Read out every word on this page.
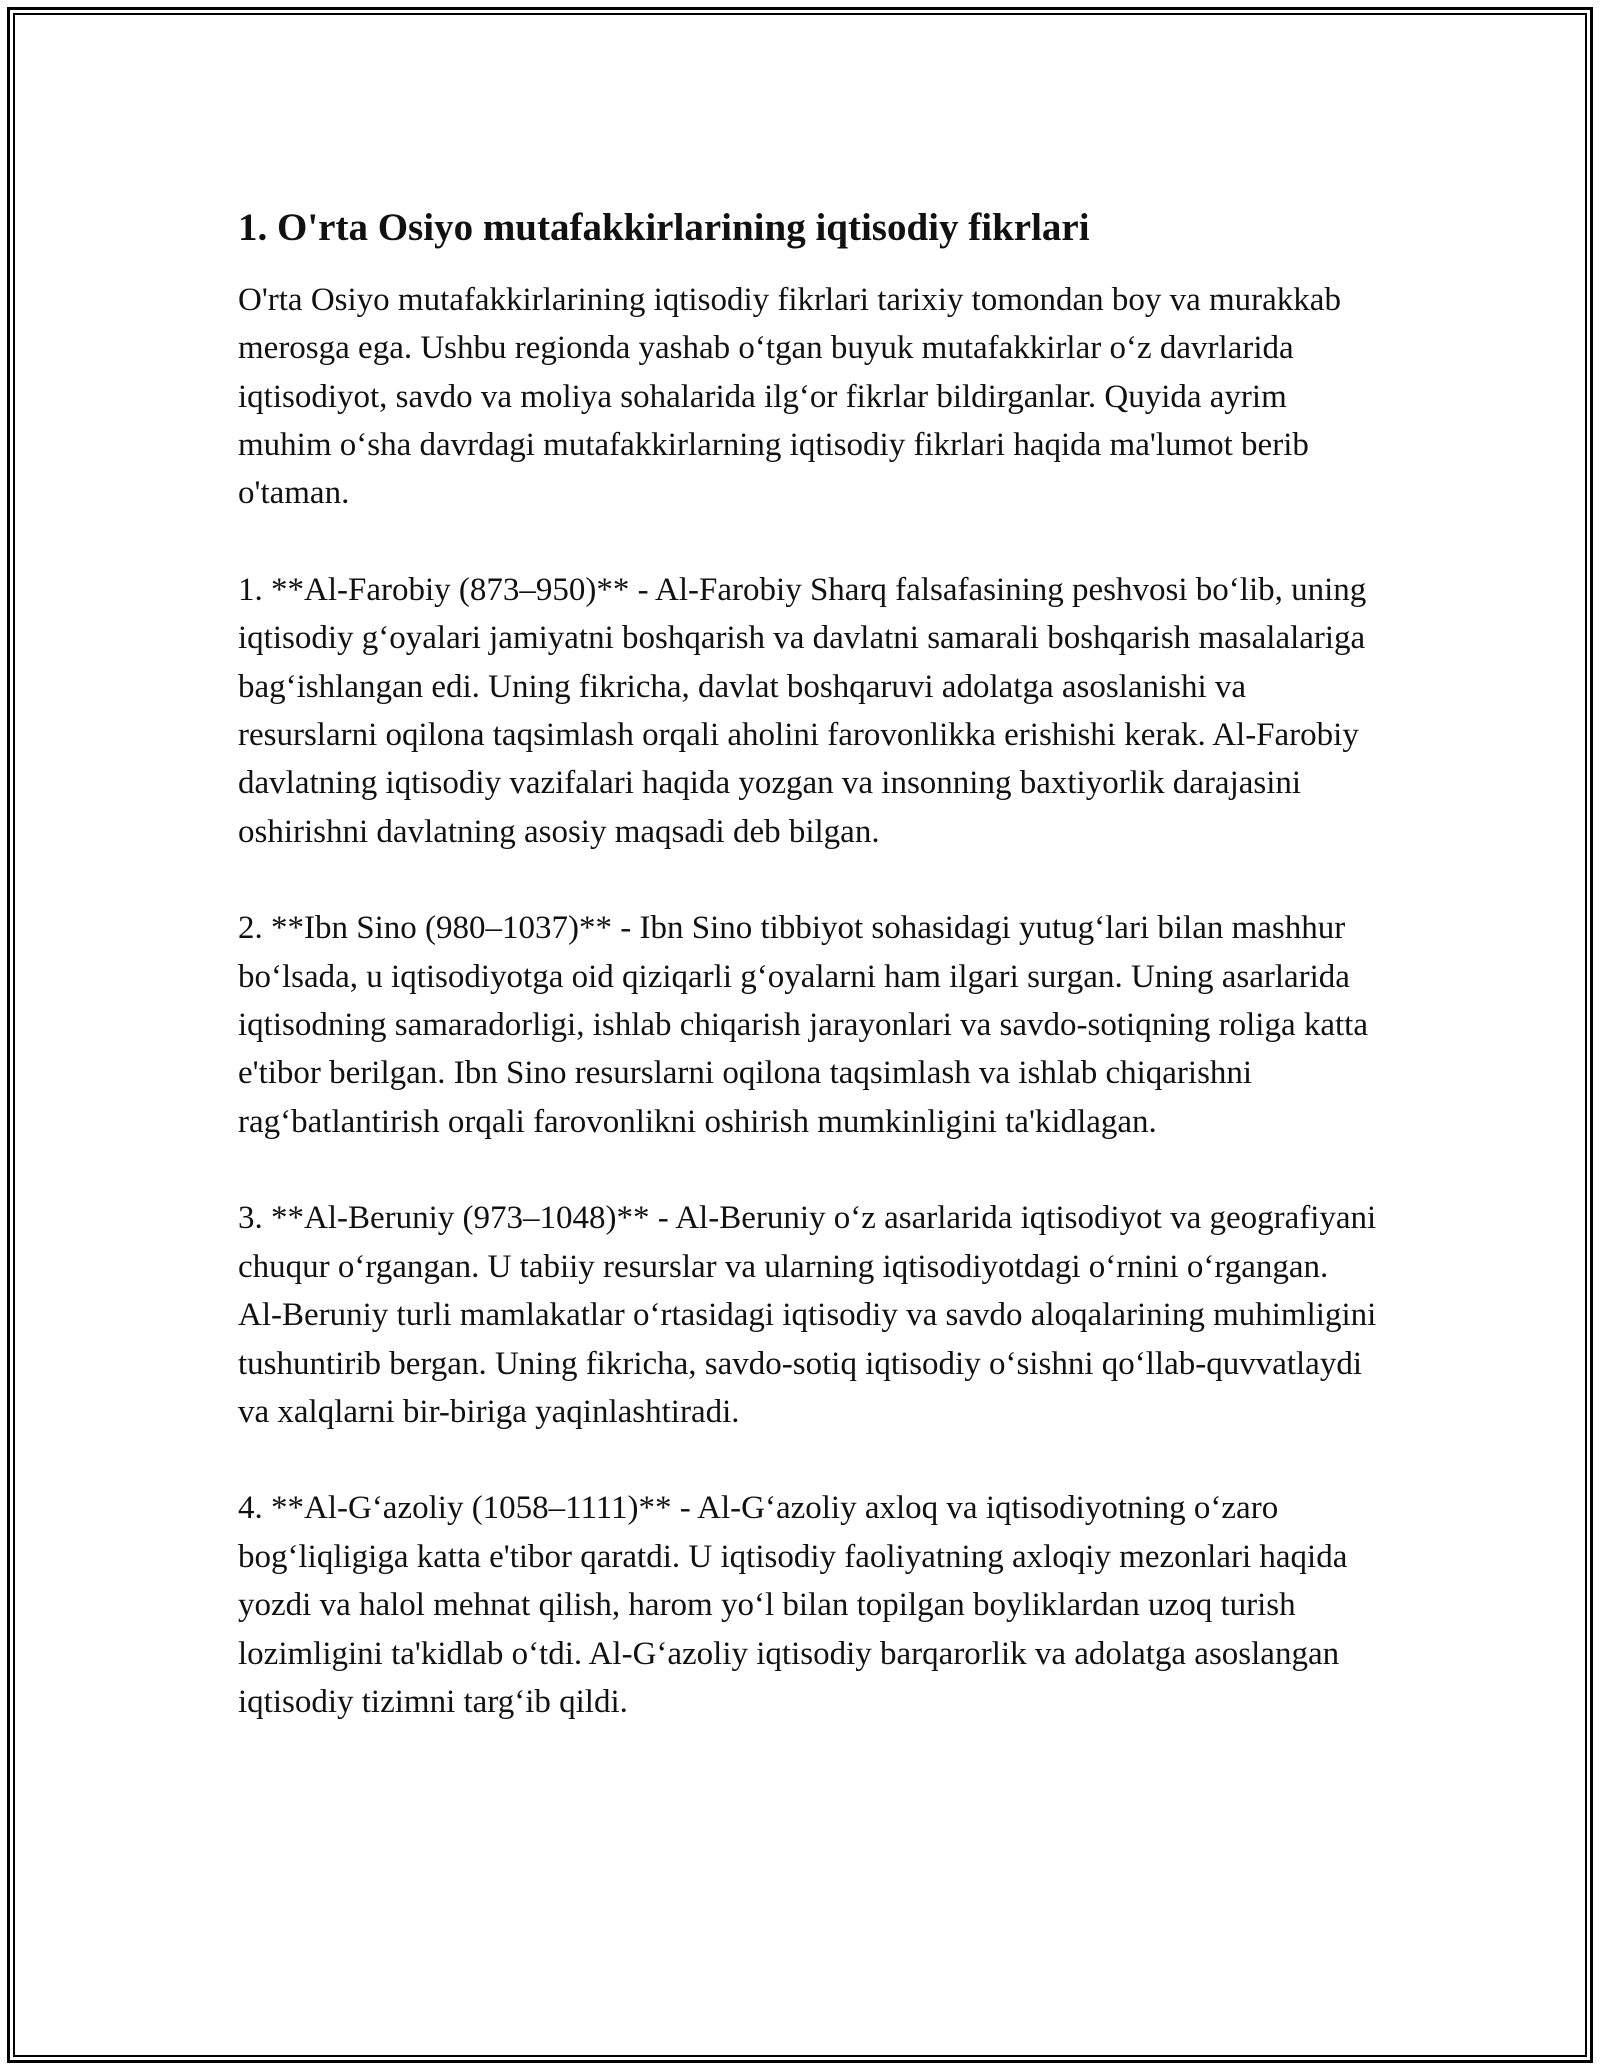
1. O'rta Osiyo mutafakkirlarining iqtisodiy fikrlari

O'rta Osiyo mutafakkirlarining iqtisodiy fikrlari tarixiy tomondan boy va murakkab merosga ega. Ushbu regionda yashab o‘tgan buyuk mutafakkirlar o‘z davrlarida iqtisodiyot, savdo va moliya sohalarida ilg‘or fikrlar bildirganlar. Quyida ayrim muhim o‘sha davrdagi mutafakkirlarning iqtisodiy fikrlari haqida ma'lumot berib o'taman.

1. **Al-Farobiy (873–950)** - Al-Farobiy Sharq falsafasining peshvosi bo‘lib, uning iqtisodiy g‘oyalari jamiyatni boshqarish va davlatni samarali boshqarish masalalariga bag‘ishlangan edi. Uning fikricha, davlat boshqaruvi adolatga asoslanishi va resurslarni oqilona taqsimlash orqali aholini farovonlikka erishishi kerak. Al-Farobiy davlatning iqtisodiy vazifalari haqida yozgan va insonning baxtiyorlik darajasini oshirishni davlatning asosiy maqsadi deb bilgan.

2. **Ibn Sino (980–1037)** - Ibn Sino tibbiyot sohasidagi yutug‘lari bilan mashhur bo‘lsada, u iqtisodiyotga oid qiziqarli g‘oyalarni ham ilgari surgan. Uning asarlarida iqtisodning samaradorligi, ishlab chiqarish jarayonlari va savdo-sotiqning roliga katta e'tibor berilgan. Ibn Sino resurslarni oqilona taqsimlash va ishlab chiqarishni rag‘batlantirish orqali farovonlikni oshirish mumkinligini ta'kidlagan.

3. **Al-Beruniy (973–1048)** - Al-Beruniy o‘z asarlarida iqtisodiyot va geografiyani chuqur o‘rgangan. U tabiiy resurslar va ularning iqtisodiyotdagi o‘rnini o‘rgangan. Al-Beruniy turli mamlakatlar o‘rtasidagi iqtisodiy va savdo aloqalarining muhimligini tushuntirib bergan. Uning fikricha, savdo-sotiq iqtisodiy o‘sishni qo‘llab-quvvatlaydi va xalqlarni bir-biriga yaqinlashtiradi.

4. **Al-G‘azoliy (1058–1111)** - Al-G‘azoliy axloq va iqtisodiyotning o‘zaro bog‘liqligiga katta e'tibor qaratdi. U iqtisodiy faoliyatning axloqiy mezonlari haqida yozdi va halol mehnat qilish, harom yo‘l bilan topilgan boyliklardan uzoq turish lozimligini ta'kidlab o‘tdi. Al-G‘azoliy iqtisodiy barqarorlik va adolatga asoslangan iqtisodiy tizimni targ‘ib qildi.
